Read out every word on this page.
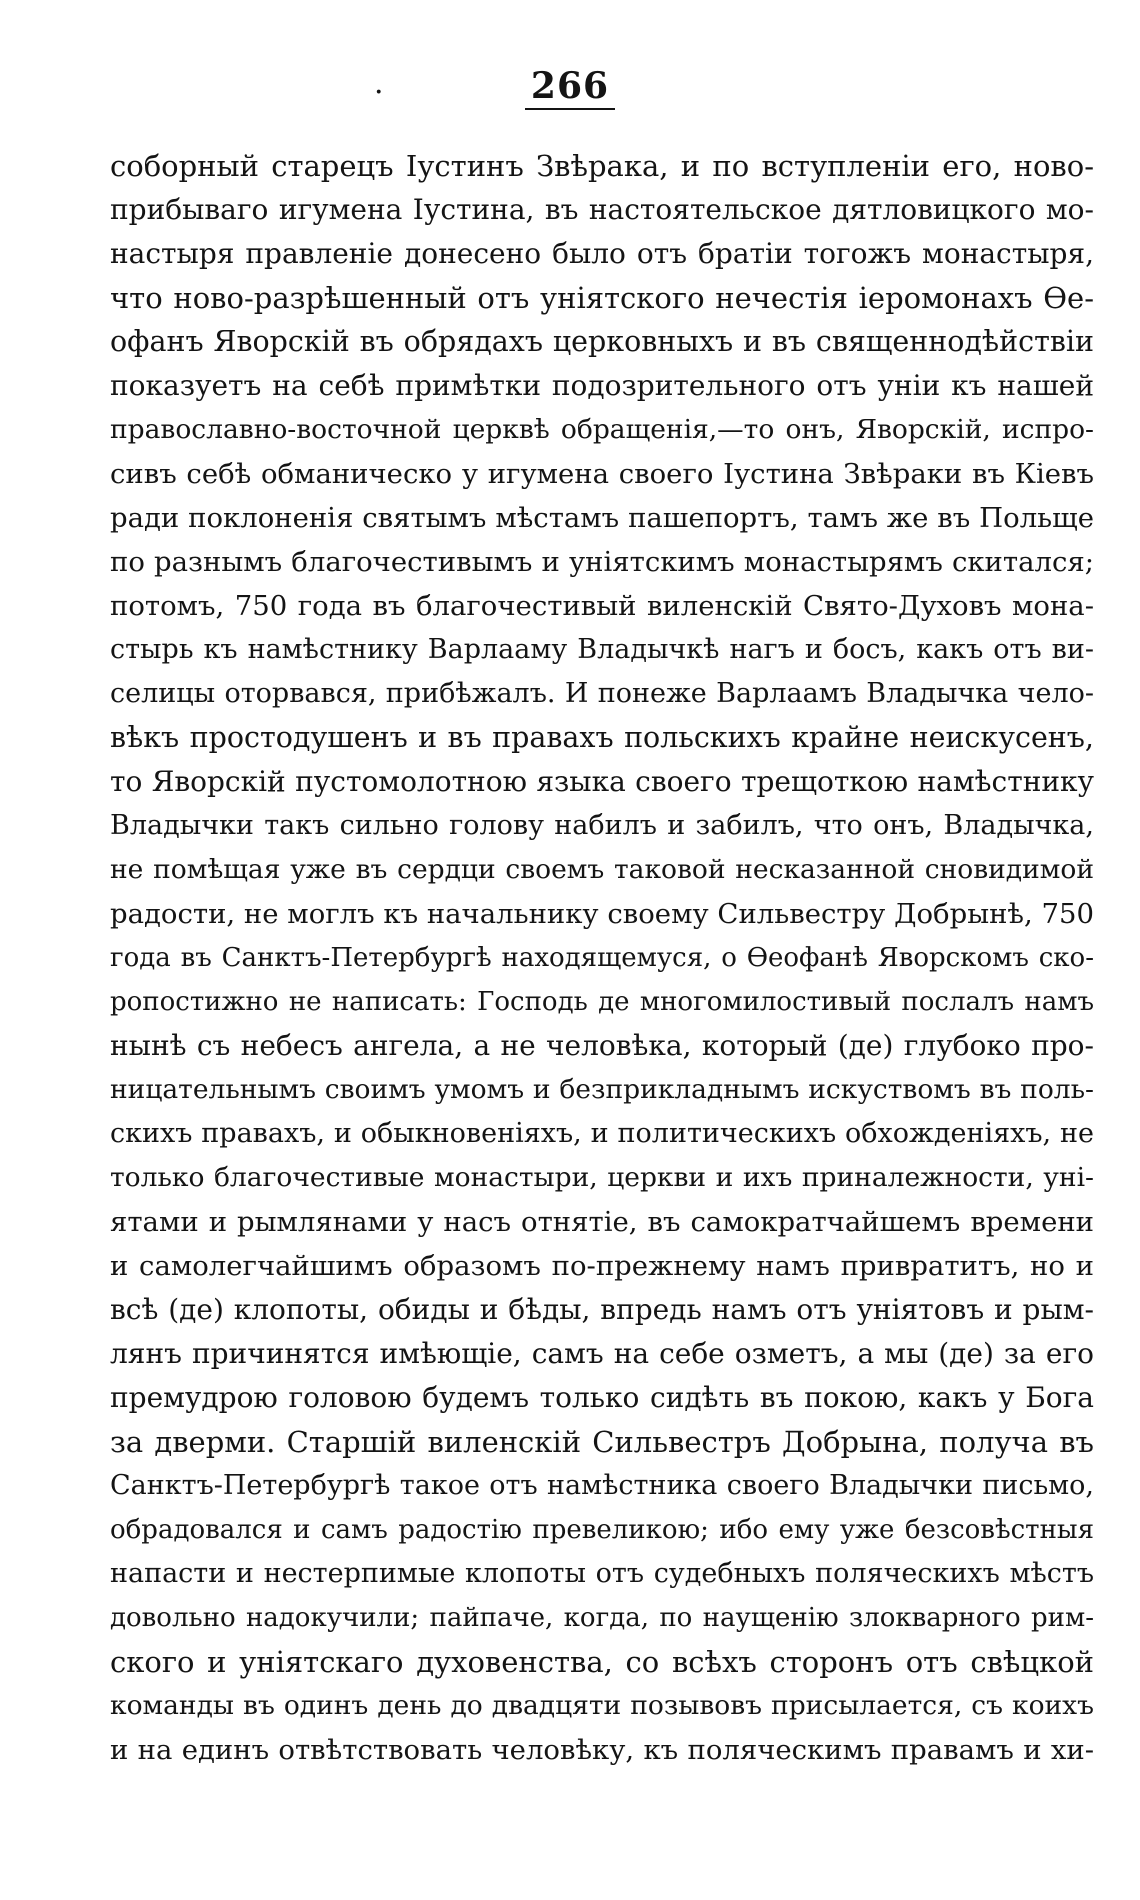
·	266
соборный старецъ Іустинъ Звѣрака, и по вступленіи его, ново-
прибываго игумена Іустина, въ настоятельское дятловицкого мо-
настыря правленіе донесено было отъ братіи тогожъ монастыря,
что ново-разрѣшенный отъ уніятского нечестія іеромонахъ Ѳе-
офанъ Яворскій въ обрядахъ церковныхъ и въ священнодѣйствіи
показуетъ на себѣ примѣтки подозрительного отъ уніи къ нашей
православно-восточной церквѣ обращенія,—то онъ, Яворскій, испро-
сивъ себѣ обманическо у игумена своего Іустина Звѣраки въ Кіевъ
ради поклоненія святымъ мѣстамъ пашепортъ, тамъ же въ Польще
по разнымъ благочестивымъ и уніятскимъ монастырямъ скитался;
потомъ, 750 года въ благочестивый виленскій Свято-Духовъ мона-
стырь къ намѣстнику Варлааму Владычкѣ нагъ и босъ, какъ отъ ви-
селицы оторвався, прибѣжалъ. И понеже Варлаамъ Владычка чело-
вѣкъ простодушенъ и въ правахъ польскихъ крайне неискусенъ,
то Яворскій пустомолотною языка своего трещоткою намѣстнику
Владычки такъ сильно голову набилъ и забилъ, что онъ, Владычка,
не помѣщая уже въ сердци своемъ таковой несказанной сновидимой
радости, не моглъ къ начальнику своему Сильвестру Добрынѣ, 750
года въ Санктъ-Петербургѣ находящемуся, о Ѳеофанѣ Яворскомъ ско-
ропостижно не написать: Господь де многомилостивый послалъ намъ
нынѣ съ небесъ ангела, а не человѣка, который (де) глубоко про-
ницательнымъ своимъ умомъ и безприкладнымъ искуствомъ въ поль-
скихъ правахъ, и обыкновеніяхъ, и политическихъ обхожденіяхъ, не
только благочестивые монастыри, церкви и ихъ приналежности, уні-
ятами и рымлянами у насъ отнятіе, въ самократчайшемъ времени
и самолегчайшимъ образомъ по-прежнему намъ привратитъ, но и
всѣ (де) клопоты, обиды и бѣды, впредь намъ отъ уніятовъ и рым-
лянъ причинятся имѣющіе, самъ на себе озметъ, а мы (де) за его
премудрою головою будемъ только сидѣть въ покою, какъ у Бога
за дверми. Старшій виленскій Сильвестръ Добрына, получа въ
Санктъ-Петербургѣ такое отъ намѣстника своего Владычки письмо,
обрадовался и самъ радостію превеликою; ибо ему уже безсовѣстныя
напасти и нестерпимые клопоты отъ судебныхъ поляческихъ мѣстъ
довольно надокучили; пайпаче, когда, по наущенію злокварного рим-
ского и уніятскаго духовенства, со всѣхъ сторонъ отъ свѣцкой
команды въ одинъ день до двадцяти позывовъ присылается, съ коихъ
и на единъ отвѣтствовать человѣку, къ поляческимъ правамъ и хи-
